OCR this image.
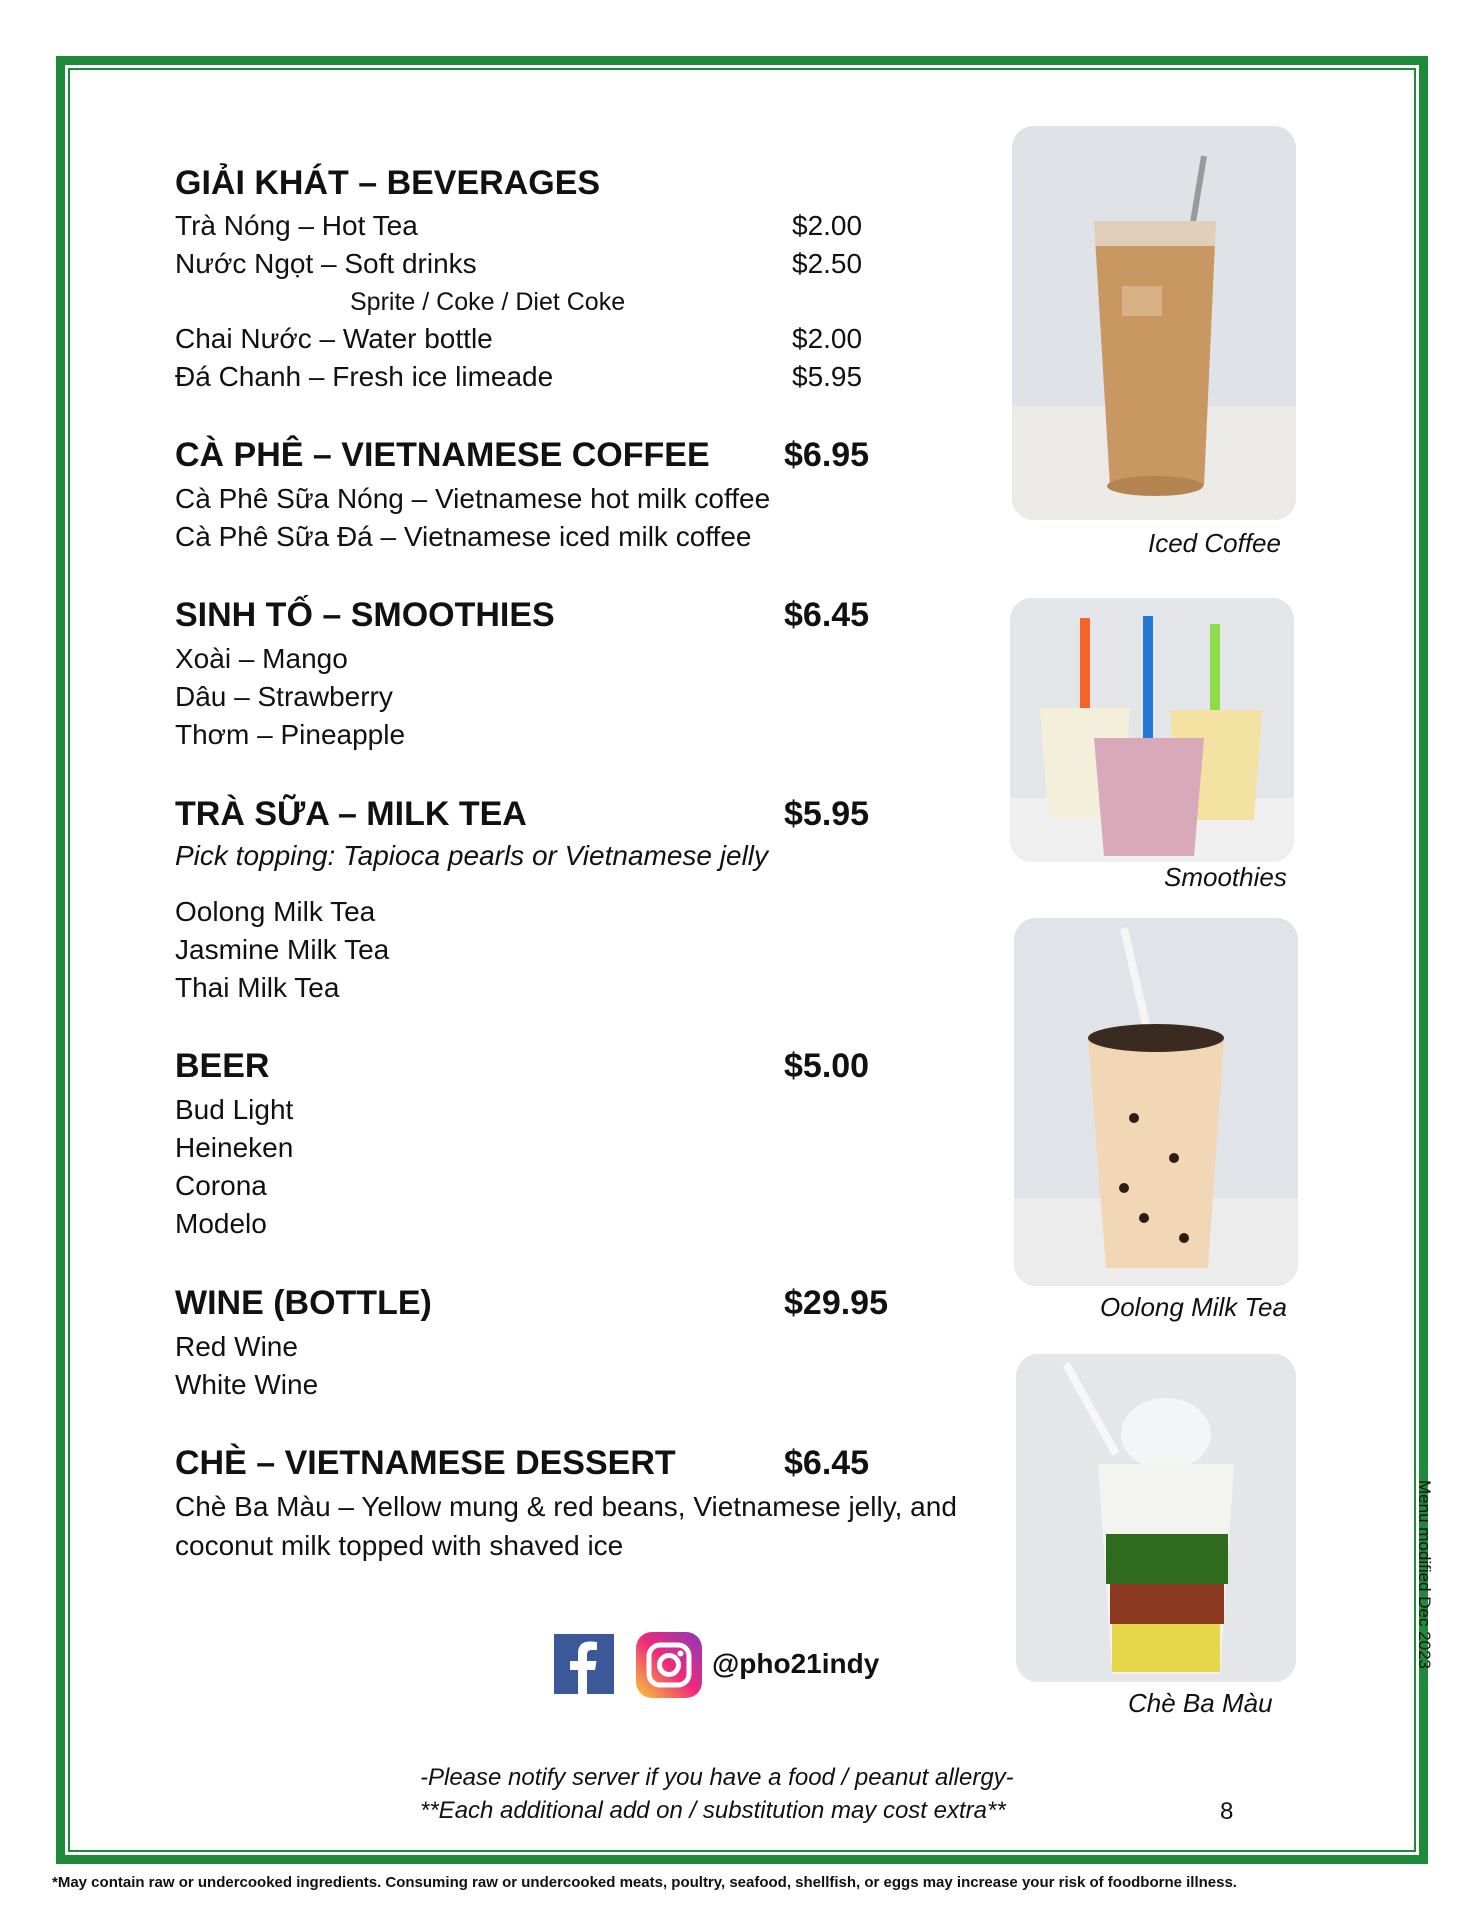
GIẢI KHÁT – BEVERAGES
Trà Nóng – Hot Tea	$2.00
Nước Ngọt – Soft drinks	$2.50
Sprite / Coke / Diet Coke
Chai Nước – Water bottle	$2.00
Đá Chanh – Fresh ice limeade	$5.95
CÀ PHÊ – VIETNAMESE COFFEE $6.95
Cà Phê Sữa Nóng – Vietnamese hot milk coffee
Cà Phê Sữa Đá – Vietnamese iced milk coffee
SINH TỐ – SMOOTHIES	$6.45
Xoài – Mango
Dâu – Strawberry
Thơm – Pineapple
TRÀ SỮA – MILK TEA	$5.95
Pick topping: Tapioca pearls or Vietnamese jelly
Oolong Milk Tea
Jasmine Milk Tea
Thai Milk Tea
BEER	$5.00
Bud Light
Heineken
Corona
Modelo
WINE (BOTTLE)	$29.95
Red Wine
White Wine
CHÈ – VIETNAMESE DESSERT	$6.45
Chè Ba Màu – Yellow mung & red beans, Vietnamese jelly, and
coconut milk topped with shaved ice
@pho21indy
Iced Coffee
Smoothies
Oolong Milk Tea
Chè Ba Màu
-Please notify server if you have a food / peanut allergy-
**Each additional add on / substitution may cost extra**	8
Menu modified Dec 2023
*May contain raw or undercooked ingredients. Consuming raw or undercooked meats, poultry, seafood, shellfish, or eggs may increase your risk of foodborne illness.
